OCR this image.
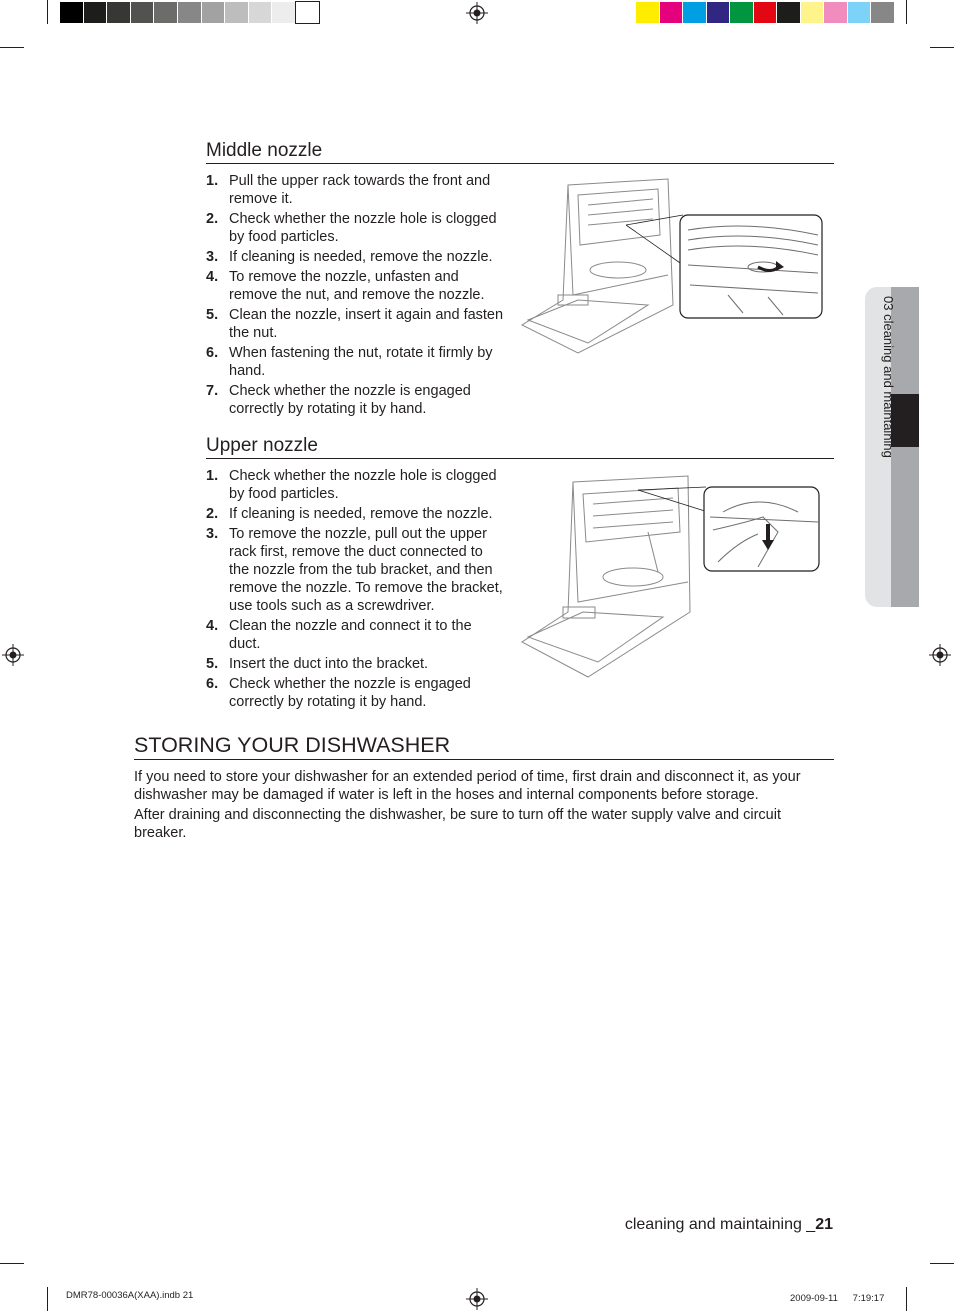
Middle nozzle
1. Pull the upper rack towards the front and remove it.
2. Check whether the nozzle hole is clogged by food particles.
3. If cleaning is needed, remove the nozzle.
4. To remove the nozzle, unfasten and remove the nut, and remove the nozzle.
5. Clean the nozzle, insert it again and fasten the nut.
6. When fastening the nut, rotate it firmly by hand.
7. Check whether the nozzle is engaged correctly by rotating it by hand.
Upper nozzle
1. Check whether the nozzle hole is clogged by food particles.
2. If cleaning is needed, remove the nozzle.
3. To remove the nozzle, pull out the upper rack first, remove the duct connected to the nozzle from the tub bracket, and then remove the nozzle. To remove the bracket, use tools such as a screwdriver.
4. Clean the nozzle and connect it to the duct.
5. Insert the duct into the bracket.
6. Check whether the nozzle is engaged correctly by rotating it by hand.
STORING YOUR DISHWASHER
If you need to store your dishwasher for an extended period of time, first drain and disconnect it, as your dishwasher may be damaged if water is left in the hoses and internal components before storage.
After draining and disconnecting the dishwasher, be sure to turn off the water supply valve and circuit breaker.
03 cleaning and maintaining
cleaning and maintaining _21
DMR78-00036A(XAA).indb 21	2009-09-11 　 7:19:17
